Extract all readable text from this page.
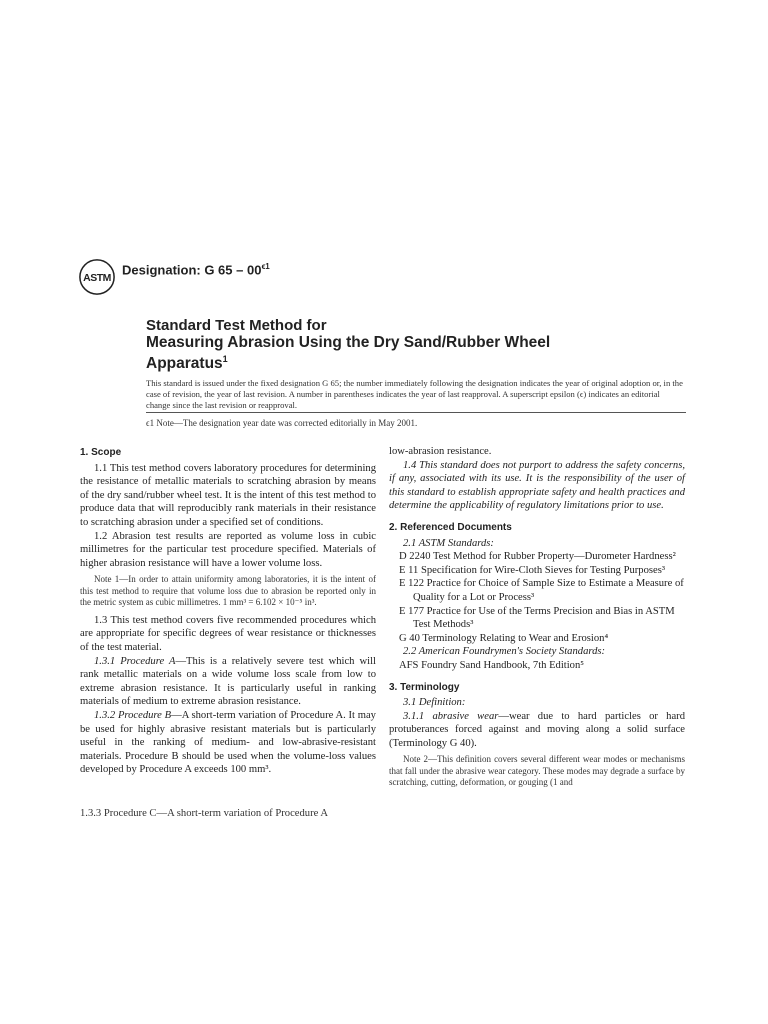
ASTM
Designation: G $65 - 00^{\epsilon 1}$
Standard Test Method for
Measuring Abrasion Using the Dry Sand/Rubber Wheel
Apparatus$^1$
This standard is issued under the fixed designation G 65; the number immediately following the designation indicates the year of original adoption or, in the case of revision, the year of last revision. A number in parentheses indicates the year of last reapproval. A superscript epsilon (ϵ) indicates an editorial change since the last revision or reapproval.
ϵ1 Note—The designation year date was corrected editorially in May 2001.

1. Scope

1.1 This test method covers laboratory procedures for determining the resistance of metallic materials to scratching abrasion by means of the dry sand/rubber wheel test. It is the intent of this test method to produce data that will reproducibly rank materials in their resistance to scratching abrasion under a specified set of conditions.

1.2 Abrasion test results are reported as volume loss in cubic millimetres for the particular test procedure specified. Materials of higher abrasion resistance will have a lower volume loss.

Note 1—In order to attain uniformity among laboratories, it is the intent of this test method to require that volume loss due to abrasion be reported only in the metric system as cubic millimetres. 1 mm³ = 6.102 × 10⁻⁵ in³.

1.3 This test method covers five recommended procedures which are appropriate for specific degrees of wear resistance or thicknesses of the test material.

1.3.1 Procedure A—This is a relatively severe test which will rank metallic materials on a wide volume loss scale from low to extreme abrasion resistance. It is particularly useful in ranking materials of medium to extreme abrasion resistance.

1.3.2 Procedure B—A short-term variation of Procedure A. It may be used for highly abrasive resistant materials but is particularly useful in the ranking of medium- and low-abrasive-resistant materials. Procedure B should be used when the volume-loss values developed by Procedure A exceeds 100 mm³.

1.3.3 Procedure C—A short-term variation of Procedure A

low-abrasion resistance.

1.4 This standard does not purport to address the safety concerns, if any, associated with its use. It is the responsibility of the user of this standard to establish appropriate safety and health practices and determine the applicability of regulatory limitations prior to use.

2. Referenced Documents

2.1 ASTM Standards:

D 2240 Test Method for Rubber Property—Durometer Hardness²
E 11 Specification for Wire-Cloth Sieves for Testing Purposes³
E 122 Practice for Choice of Sample Size to Estimate a Measure of Quality for a Lot or Process³
E 177 Practice for Use of the Terms Precision and Bias in ASTM Test Methods³
G 40 Terminology Relating to Wear and Erosion⁴

2.2 American Foundrymen's Society Standards:

AFS Foundry Sand Handbook, 7th Edition⁵

3. Terminology

3.1 Definition:

3.1.1 abrasive wear—wear due to hard particles or hard protuberances forced against and moving along a solid surface (Terminology G 40).

Note 2—This definition covers several different wear modes or mechanisms that fall under the abrasive wear category. These modes may degrade a surface by scratching, cutting, deformation, or gouging (1 and
